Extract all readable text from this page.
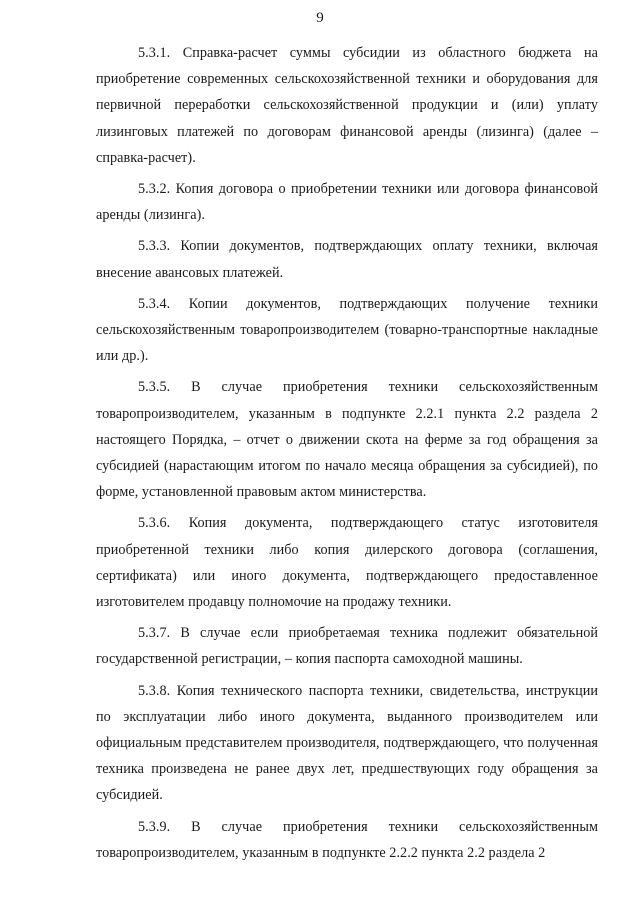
9

5.3.1. Справка-расчет суммы субсидии из областного бюджета на приобретение современных сельскохозяйственной техники и оборудования для первичной переработки сельскохозяйственной продукции и (или) уплату лизинговых платежей по договорам финансовой аренды (лизинга) (далее – справка-расчет).

5.3.2. Копия договора о приобретении техники или договора финансовой аренды (лизинга).

5.3.3. Копии документов, подтверждающих оплату техники, включая внесение авансовых платежей.

5.3.4. Копии документов, подтверждающих получение техники сельскохозяйственным товаропроизводителем (товарно-транспортные накладные или др.).

5.3.5. В случае приобретения техники сельскохозяйственным товаропроизводителем, указанным в подпункте 2.2.1 пункта 2.2 раздела 2 настоящего Порядка, – отчет о движении скота на ферме за год обращения за субсидией (нарастающим итогом по начало месяца обращения за субсидией), по форме, установленной правовым актом министерства.

5.3.6. Копия документа, подтверждающего статус изготовителя приобретенной техники либо копия дилерского договора (соглашения, сертификата) или иного документа, подтверждающего предоставленное изготовителем продавцу полномочие на продажу техники.

5.3.7. В случае если приобретаемая техника подлежит обязательной государственной регистрации, – копия паспорта самоходной машины.

5.3.8. Копия технического паспорта техники, свидетельства, инструкции по эксплуатации либо иного документа, выданного производителем или официальным представителем производителя, подтверждающего, что полученная техника произведена не ранее двух лет, предшествующих году обращения за субсидией.

5.3.9. В случае приобретения техники сельскохозяйственным товаропроизводителем, указанным в подпункте 2.2.2 пункта 2.2 раздела 2
